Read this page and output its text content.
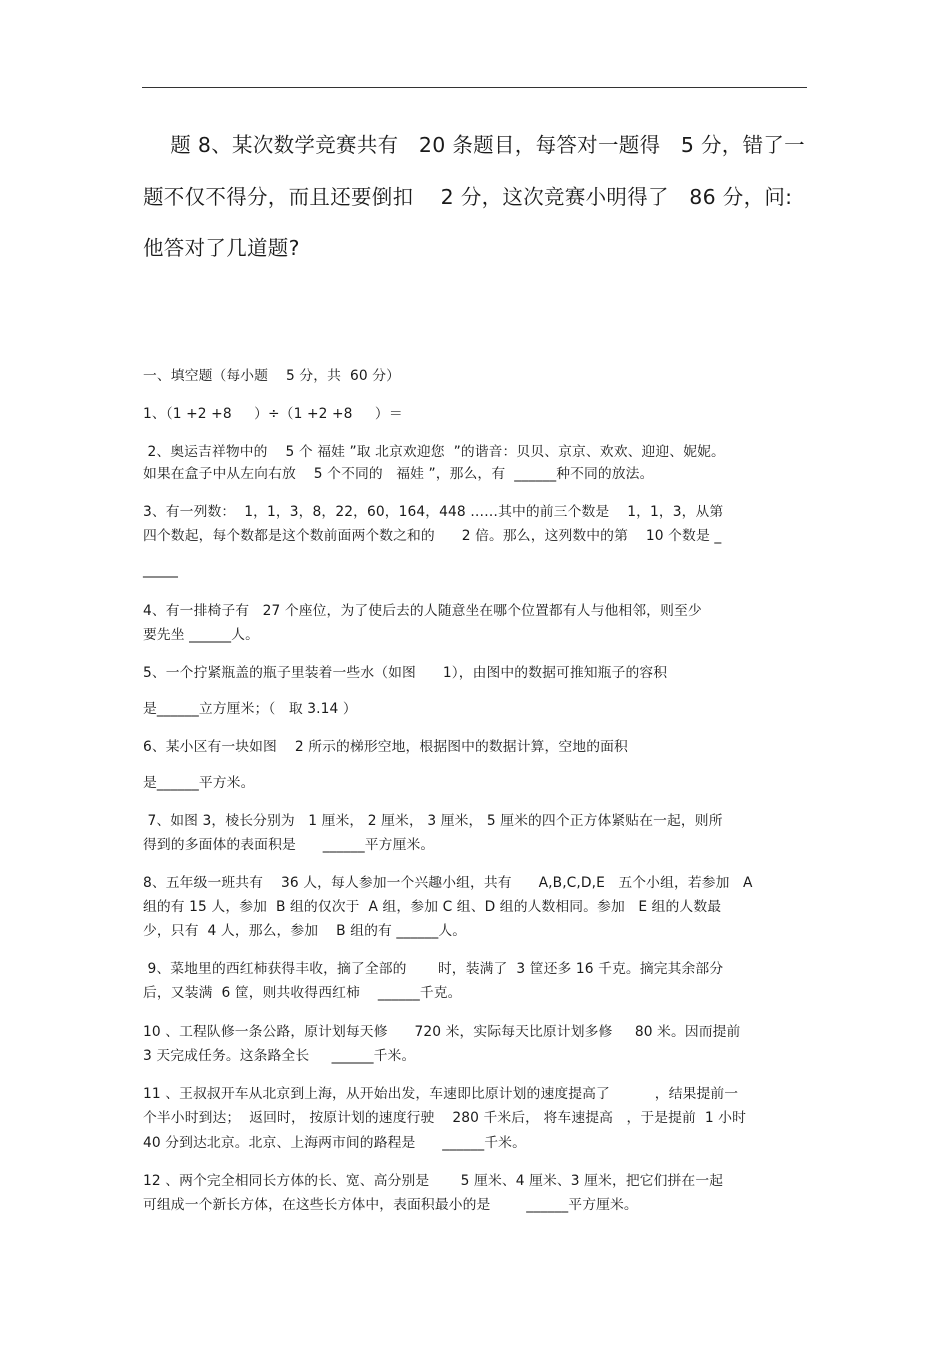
题 8、某次数学竞赛共有   20 条题目，每答对一题得   5 分，错了一
题不仅不得分，而且还要倒扣    2 分，这次竞赛小明得了   86 分，问:
他答对了几道题?
一、填空题（每小题    5 分，共  60 分）
1、（1 +2 +8     ）÷（1 +2 +8     ）＝
2、奥运吉祥物中的    5 个 福娃 ”取 北京欢迎您  ”的谐音：贝贝、京京、欢欢、迎迎、妮妮。
如果在盒子中从左向右放    5 个不同的   福娃 ”，那么，有  ______种不同的放法。
3、有一列数：  1，1，3，8，22，60，164，448 ……其中的前三个数是    1，1，3，从第
四个数起，每个数都是这个数前面两个数之和的      2 倍。那么，这列数中的第    10 个数是 _
_____
4、有一排椅子有   27 个座位，为了使后去的人随意坐在哪个位置都有人与他相邻，则至少
要先坐 ______人。
5、一个拧紧瓶盖的瓶子里装着一些水（如图      1），由图中的数据可推知瓶子的容积
是______立方厘米；（   取 3.14 ）
6、某小区有一块如图    2 所示的梯形空地，根据图中的数据计算，空地的面积
是______平方米。
7、如图 3，棱长分别为   1 厘米， 2 厘米， 3 厘米， 5 厘米的四个正方体紧贴在一起，则所
得到的多面体的表面积是      ______平方厘米。
8、五年级一班共有    36 人，每人参加一个兴趣小组，共有      A,B,C,D,E   五个小组，若参加   A
组的有 15 人，参加  B 组的仅次于  A 组，参加 C 组、D 组的人数相同。参加   E 组的人数最
少，只有  4 人，那么，参加    B 组的有 ______人。
9、菜地里的西红柿获得丰收，摘了全部的       时，装满了  3 筐还多 16 千克。摘完其余部分
后，又装满  6 筐，则共收得西红柿    ______千克。
10 、工程队修一条公路，原计划每天修      720 米，实际每天比原计划多修     80 米。因而提前
3 天完成任务。这条路全长     ______千米。
11 、王叔叔开车从北京到上海，从开始出发，车速即比原计划的速度提高了          ，结果提前一
个半小时到达；  返回时， 按原计划的速度行驶    280 千米后， 将车速提高   ，于是提前  1 小时
40 分到达北京。北京、上海两市间的路程是      ______千米。
12 、两个完全相同长方体的长、宽、高分别是       5 厘米、4 厘米、3 厘米，把它们拼在一起
可组成一个新长方体，在这些长方体中，表面积最小的是        ______平方厘米。
